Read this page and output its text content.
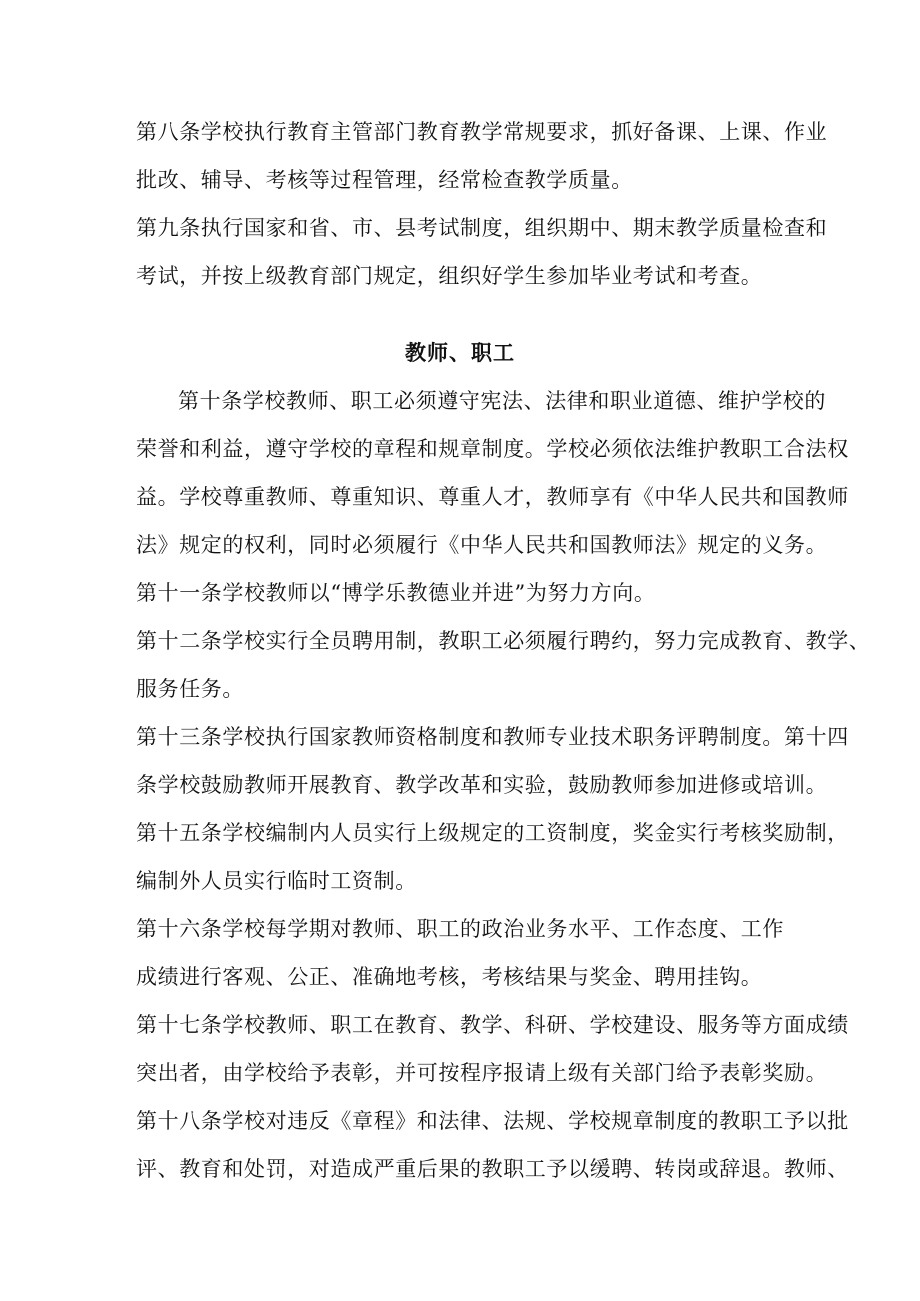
第八条学校执行教育主管部门教育教学常规要求，抓好备课、上课、作业
批改、辅导、考核等过程管理，经常检查教学质量。
第九条执行国家和省、市、县考试制度，组织期中、期末教学质量检查和
考试，并按上级教育部门规定，组织好学生参加毕业考试和考查。
教师、职工
第十条学校教师、职工必须遵守宪法、法律和职业道德、维护学校的
荣誉和利益，遵守学校的章程和规章制度。学校必须依法维护教职工合法权
益。学校尊重教师、尊重知识、尊重人才，教师享有《中华人民共和国教师
法》规定的权利，同时必须履行《中华人民共和国教师法》规定的义务。
第十一条学校教师以“博学乐教德业并进”为努力方向。
第十二条学校实行全员聘用制，教职工必须履行聘约，努力完成教育、教学、
服务任务。
第十三条学校执行国家教师资格制度和教师专业技术职务评聘制度。第十四
条学校鼓励教师开展教育、教学改革和实验，鼓励教师参加进修或培训。
第十五条学校编制内人员实行上级规定的工资制度，奖金实行考核奖励制，
编制外人员实行临时工资制。
第十六条学校每学期对教师、职工的政治业务水平、工作态度、工作
成绩进行客观、公正、准确地考核，考核结果与奖金、聘用挂钩。
第十七条学校教师、职工在教育、教学、科研、学校建设、服务等方面成绩
突出者，由学校给予表彰，并可按程序报请上级有关部门给予表彰奖励。
第十八条学校对违反《章程》和法律、法规、学校规章制度的教职工予以批
评、教育和处罚，对造成严重后果的教职工予以缓聘、转岗或辞退。教师、
